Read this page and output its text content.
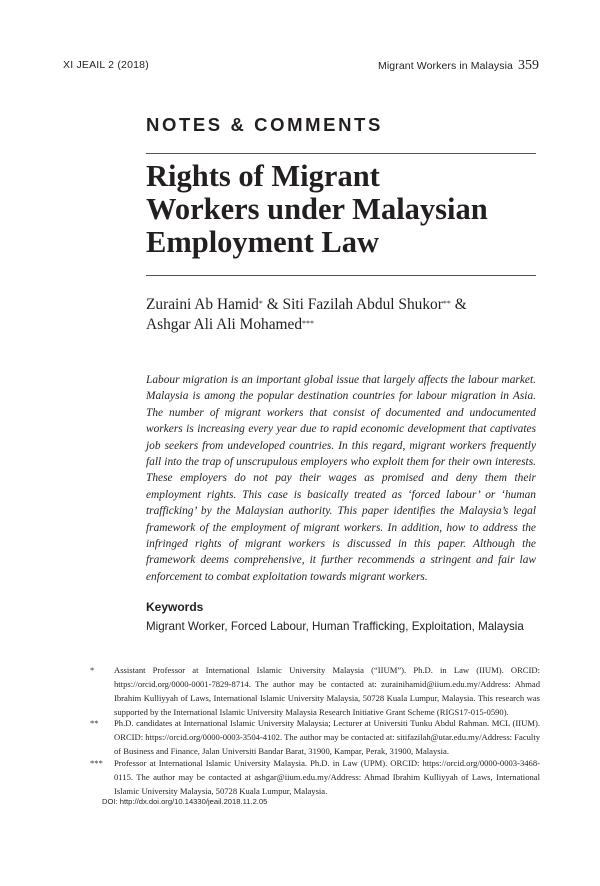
XI JEAIL 2 (2018)	Migrant Workers in Malaysia 359
NOTES & COMMENTS
Rights of Migrant
Workers under Malaysian
Employment Law
Zuraini Ab Hamid* & Siti Fazilah Abdul Shukor** &
Ashgar Ali Ali Mohamed***

Labour migration is an important global issue that largely affects the labour market. Malaysia is among the popular destination countries for labour migration in Asia. The number of migrant workers that consist of documented and undocumented workers is increasing every year due to rapid economic development that captivates job seekers from undeveloped countries. In this regard, migrant workers frequently fall into the trap of unscrupulous employers who exploit them for their own interests. These employers do not pay their wages as promised and deny them their employment rights. This case is basically treated as ‘forced labour’ or ‘human trafficking’ by the Malaysian authority. This paper identifies the Malaysia’s legal framework of the employment of migrant workers. In addition, how to address the infringed rights of migrant workers is discussed in this paper. Although the framework deems comprehensive, it further recommends a stringent and fair law enforcement to combat exploitation towards migrant workers.

Keywords
Migrant Worker, Forced Labour, Human Trafficking, Exploitation, Malaysia
*	Assistant Professor at International Islamic University Malaysia (“IIUM”). Ph.D. in Law (IIUM). ORCID: https://orcid.org/0000-0001-7829-8714. The author may be contacted at: zurainihamid@iium.edu.my/Address: Ahmad Ibrahim Kulliyyah of Laws, International Islamic University Malaysia, 50728 Kuala Lumpur, Malaysia. This research was supported by the International Islamic University Malaysia Research Initiative Grant Scheme (RIGS17-015-0590).
**	Ph.D. candidates at International Islamic University Malaysia; Lecturer at Universiti Tunku Abdul Rahman. MCL (IIUM). ORCID: https://orcid.org/0000-0003-3504-4102. The author may be contacted at: sitifazilah@utar.edu.my/Address: Faculty of Business and Finance, Jalan Universiti Bandar Barat, 31900, Kampar, Perak, 31900, Malaysia.
***	Professor at International Islamic University Malaysia. Ph.D. in Law (UPM). ORCID: https://orcid.org/0000-0003-3468-0115. The author may be contacted at ashgar@iium.edu.my/Address: Ahmad Ibrahim Kulliyyah of Laws, International Islamic University Malaysia, 50728 Kuala Lumpur, Malaysia.
DOI: http://dx.doi.org/10.14330/jeail.2018.11.2.05
